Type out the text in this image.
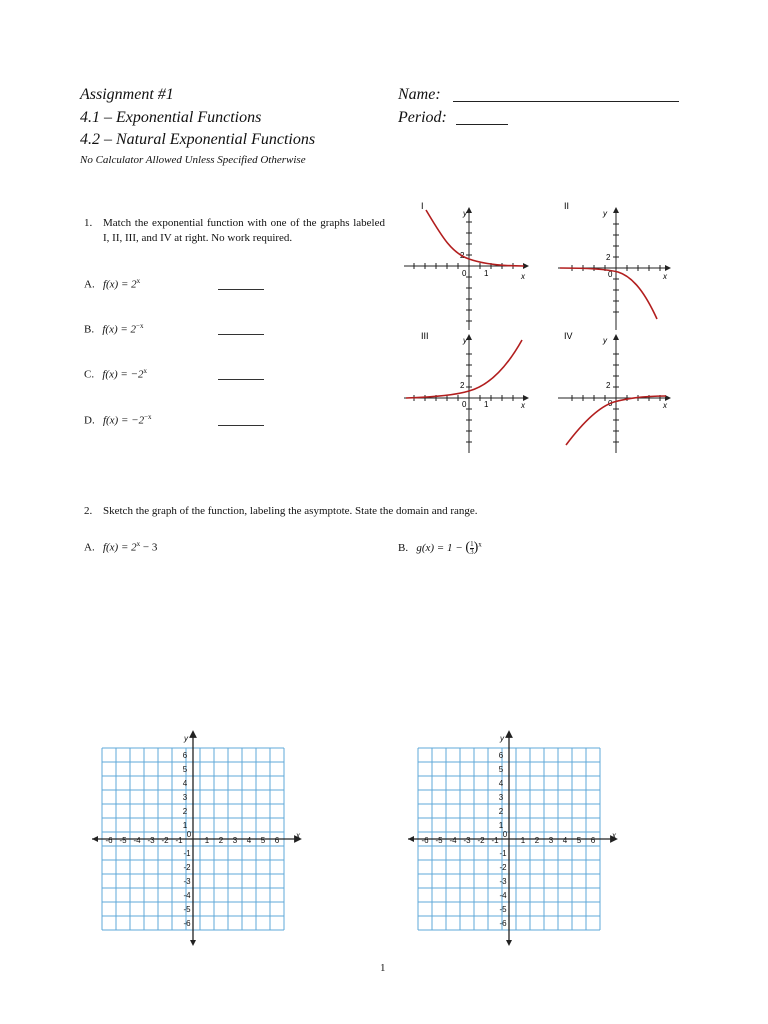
Assignment #1
4.1 – Exponential Functions
4.2 – Natural Exponential Functions
No Calculator Allowed Unless Specified Otherwise
Name:
Period:
1. Match the exponential function with one of the graphs labeled I, II, III, and IV at right. No work required.
A. $f(x) = 2^x$
B. $f(x) = 2^{-x}$
C. $f(x) = -2^x$
D. $f(x) = -2^{-x}$
I
y
x
2
0 1
II
y
x
2
0
III	y
x
2
0 1
IV	y
x
2
0
2. Sketch the graph of the function, labeling the asymptote. State the domain and range.
A. $f(x) = 2^x - 3$	B. $g(x) = 1 - (\frac{1}{3})^x$
-6 -5 -4 -3 -2 -1	1 2 3 4 5 6
0
6
5
4
3
2
1
-1
-2
-3
-4
-5
-6
x
y
-6 -5 -4 -3 -2 -1	1 2 3 4 5 6
0
6
5
4
3
2
1
-1
-2
-3
-4
-5
-6
x
y
1
